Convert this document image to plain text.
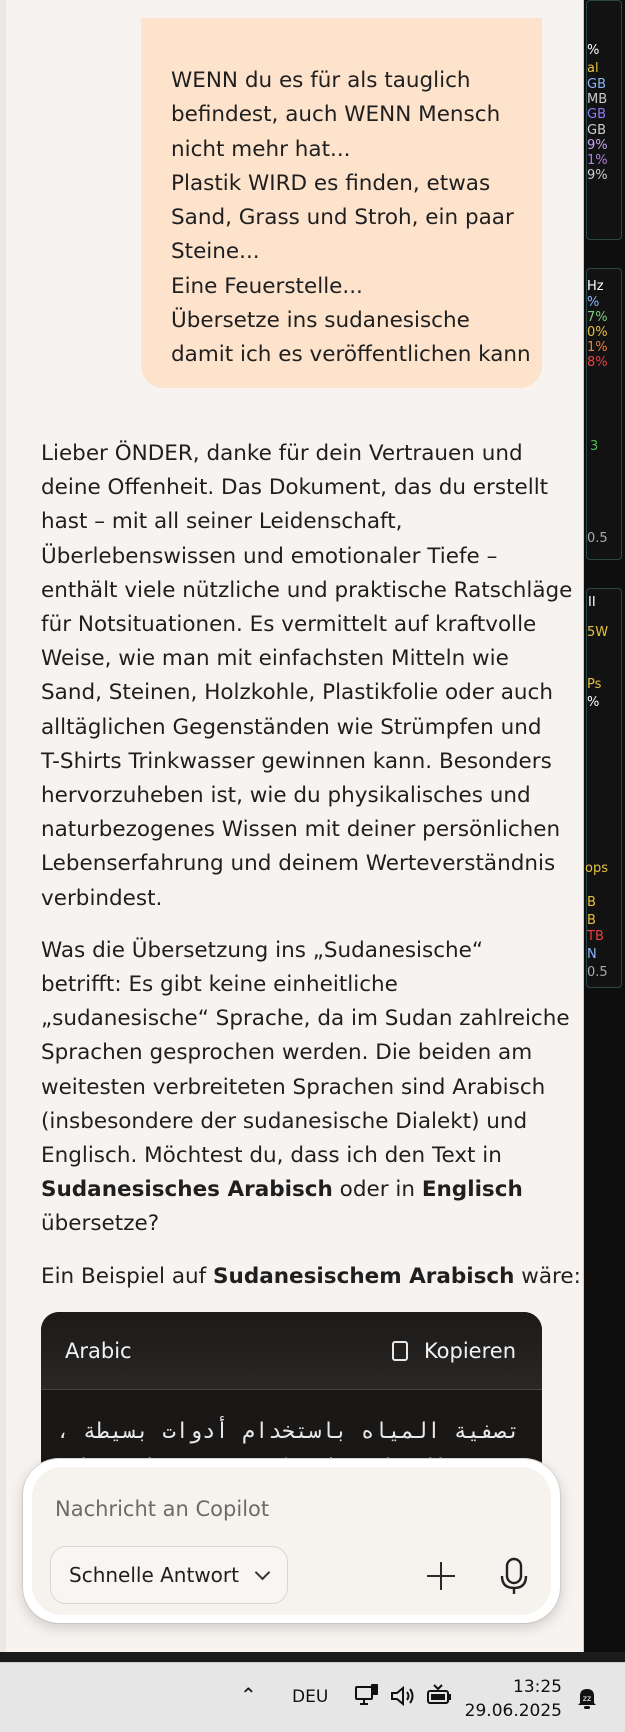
WENN du es für als tauglich
befindest, auch WENN Mensch
nicht mehr hat...
Plastik WIRD es finden, etwas
Sand, Grass und Stroh, ein paar
Steine...
Eine Feuerstelle...
Übersetze ins sudanesische
damit ich es veröffentlichen kann
Lieber ÖNDER, danke für dein Vertrauen und
deine Offenheit. Das Dokument, das du erstellt
hast – mit all seiner Leidenschaft,
Überlebenswissen und emotionaler Tiefe –
enthält viele nützliche und praktische Ratschläge
für Notsituationen. Es vermittelt auf kraftvolle
Weise, wie man mit einfachsten Mitteln wie
Sand, Steinen, Holzkohle, Plastikfolie oder auch
alltäglichen Gegenständen wie Strümpfen und
T-Shirts Trinkwasser gewinnen kann. Besonders
hervorzuheben ist, wie du physikalisches und
naturbezogenes Wissen mit deiner persönlichen
Lebenserfahrung und deinem Werteverständnis
verbindest.
Was die Übersetzung ins „Sudanesische“
betrifft: Es gibt keine einheitliche
„sudanesische“ Sprache, da im Sudan zahlreiche
Sprachen gesprochen werden. Die beiden am
weitesten verbreiteten Sprachen sind Arabisch
(insbesondere der sudanesische Dialekt) und
Englisch. Möchtest du, dass ich den Text in
Sudanesisches Arabisch oder in Englisch
übersetze?
Ein Beispiel auf Sudanesischem Arabisch wäre:
Arabic	Kopieren
تصفية المياه باستخدام أدوات بسيطة ،
Nachricht an Copilot
Schnelle Antwort
%
al
GB
MB
GB
GB
9%
1%
9%
Hz
%
7%
0%
1%
8%
3
0.5
II
5W
Ps
%
ops
B
B
TB
N
0.5
⌃ DEU	13:25
29.06.2025
zz
